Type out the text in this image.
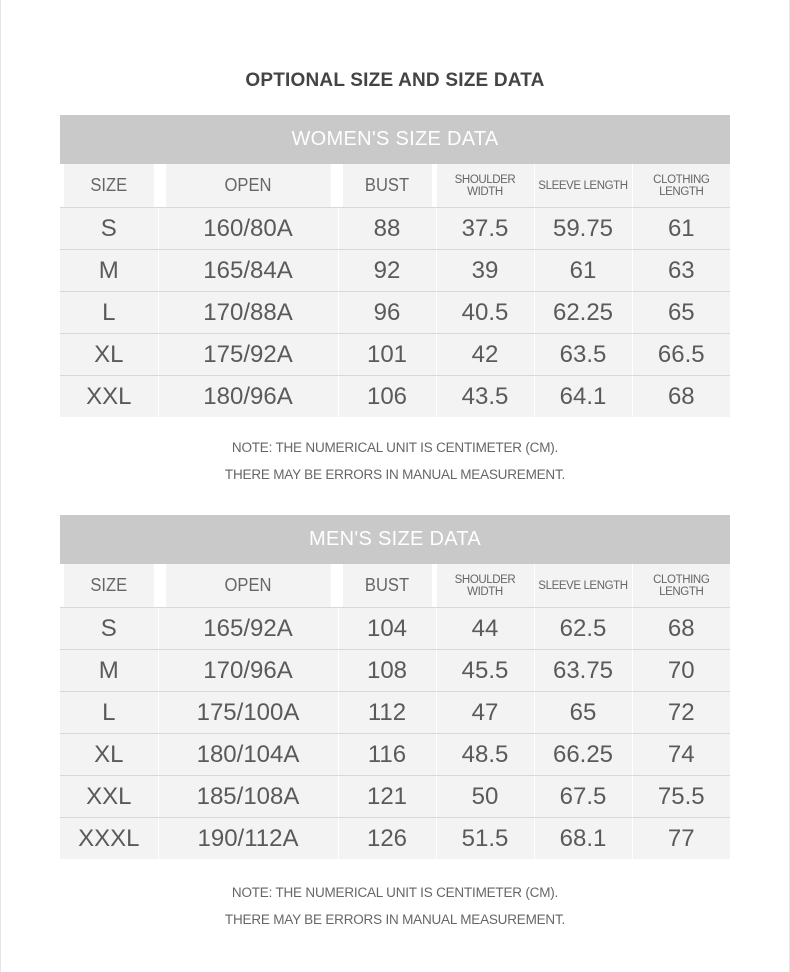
OPTIONAL SIZE AND SIZE DATA
WOMEN'S SIZE DATA					
SIZE	OPEN	BUST	SHOULDER WIDTH	SLEEVE LENGTH	CLOTHING LENGTH
S	160/80A	88	37.5	59.75	61
M	165/84A	92	39	61	63
L	170/88A	96	40.5	62.25	65
XL	175/92A	101	42	63.5	66.5
XXL	180/96A	106	43.5	64.1	68
NOTE: THE NUMERICAL UNIT IS CENTIMETER (CM).
THERE MAY BE ERRORS IN MANUAL MEASUREMENT.
MEN'S SIZE DATA					
SIZE	OPEN	BUST	SHOULDER WIDTH	SLEEVE LENGTH	CLOTHING LENGTH
S	165/92A	104	44	62.5	68
M	170/96A	108	45.5	63.75	70
L	175/100A	112	47	65	72
XL	180/104A	116	48.5	66.25	74
XXL	185/108A	121	50	67.5	75.5
XXXL	190/112A	126	51.5	68.1	77
NOTE: THE NUMERICAL UNIT IS CENTIMETER (CM).
THERE MAY BE ERRORS IN MANUAL MEASUREMENT.
